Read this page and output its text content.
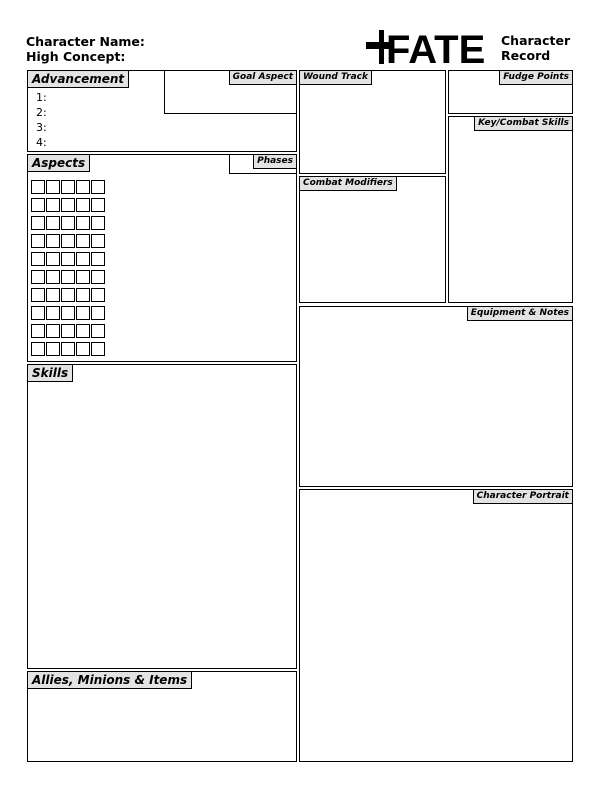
Character Name:
High Concept:	FATE Character
Record
Advancement
1:
2:
3:
4:
Goal Aspect
Aspects	Phases
Skills
Allies, Minions & Items
Wound Track
Combat Modifiers
Fudge Points
Key/Combat Skills
Equipment & Notes
Character Portrait
